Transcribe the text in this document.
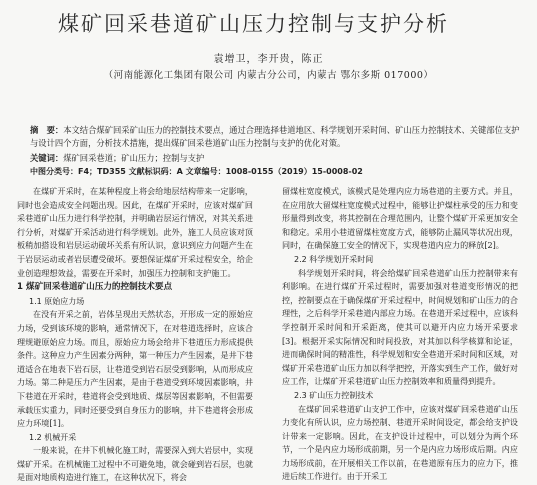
煤矿回采巷道矿山压力控制与支护分析
袁增卫，李开贵，陈正
（河南能源化工集团有限公司 内蒙古分公司，内蒙古 鄂尔多斯 017000）
摘　要：本文结合煤矿回采矿山压力的控制技术要点，通过合理选择巷道地区、科学规划开采时间、矿山压力控制技术、关键部位支护与设计四个方面，分析技术措施，提出煤矿回采巷道矿山压力控制与支护的优化对策。
关键词：煤矿回采巷道；矿山压力；控制与支护
中图分类号：F4；TD355 文献标识码：A 文章编号：1008-0155（2019）15-0008-02

在煤矿开采时，在某种程度上将会给地层结构带来一定影响，同时也会造成安全问题出现。因此，在煤矿开采时，应该对煤矿回采巷道矿山压力进行科学控制，并明确岩层运行情况，对其关系进行分析，对煤矿开采活动进行科学规划。此外，施工人员应该对顶板稍加搭设和岩层运动破坏关系有所认识，意识到应力问题产生在于岩层运动或者岩层遭受破坏。要想保证煤矿开采过程安全，给企业创造理想效益，需要在开采时，加强压力控制和支护施工。

1 煤矿回采巷道矿山压力的控制技术要点
1.1 原始应力场

在没有开采之前，岩体呈现出天然状态，开形成一定的原始应力场，受到该环境的影响，通常情况下，在对巷道选择时，应该合理规避原始应力场。而且，原始应力场会给井下巷道压力形成提供条件。这种应力产生因素分两种，第一种压力产生因素，是井下巷道适合在地表下岩石层，让巷道受到岩石层受到影响，从而形成应力场。第二种是压力产生因素，是由于巷道受到环境因素影响，井下巷道在开采时，巷道将会受到地质、煤层等因素影响，不但需要承载压实重力，同时还要受到自身压力的影响，井下巷道将会形成应力环境[1]。

1.2 机械开采

一般来说，在井下机械化施工时，需要深入到大岩层中，实现煤矿开采。在机械施工过程中不可避免地，就会碰到岩石层，也就是面对地质构造进行施工，在这种状况下，将会

留煤柱宽度模式，该模式是处理内应力场巷道的主要方式。并且，在应用放大留煤柱宽度模式过程中，能够让护煤柱承受的压力和变形量得到改变，将其控制在合理范围内，让整个煤矿开采更加安全和稳定。采用小巷道留煤柱宽度方式，能够防止漏风等状况出现，同时，在确保施工安全的情况下，实现巷道内应力的释放[2]。

2.2 科学规划开采时间

科学规划开采时间，将会给煤矿回采巷道矿山压力控制带来有利影响。在进行煤矿开采过程时，需要加强对巷道变形情况的把控，控制要点在于确保煤矿开采过程中，时间规划和矿山压力的合理性，之后科学开采巷道内部应力场。在巷道开采过程中，应该科学控制开采时间和开采距离，使其可以避开内应力场开采要求[3]。根据开采实际情况和时间投放，对其加以科学核算和论证，进而确保时间的精准性，科学规划和安全巷道开采时间和区域，对煤矿开采巷道矿山压力加以科学把控，开落实到生产工作，做好对应工作，让煤矿开采巷道矿山压力控制效率和质量得到提升。

2.3 矿山压力控制技术

在煤矿回采巷道矿山支护工作中，应该对煤矿回采巷道矿山压力变化有所认识，应力场控制、巷道开采时间设定，都会给支护设计带来一定影响。因此，在支护设计过程中，可以划分为两个环节，一个是内应力场形成前期，另一个是内应力场形成后期。内应力场形成前，在开展相关工作以前，在巷道原有压力的应力下，推进后续工作进行。由于开采工
